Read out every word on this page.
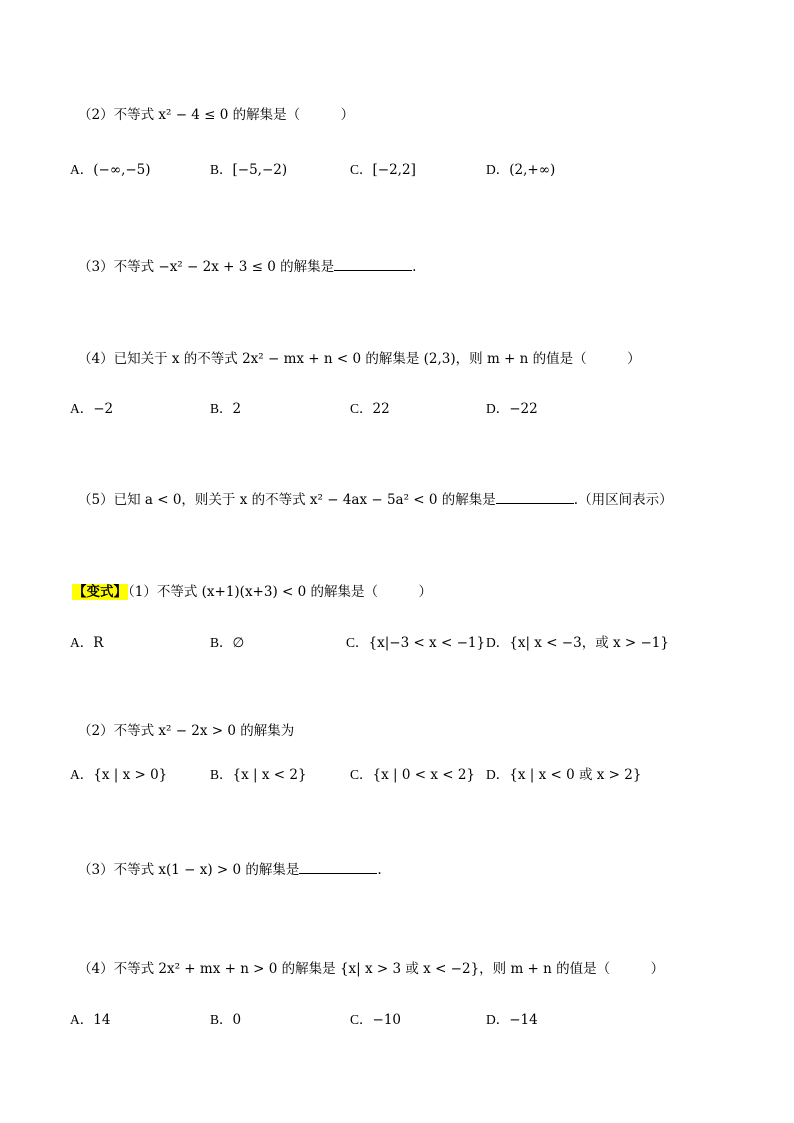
（2）不等式 x² − 4 ≤ 0 的解集是（　　　）
A．(−∞,−5)	B．[−5,−2)	C．[−2,2]	D．(2,+∞)
（3）不等式 −x² − 2x + 3 ≤ 0 的解集是	.
（4）已知关于 x 的不等式 2x² − mx + n < 0 的解集是 (2,3)，则 m + n 的值是（　　　）
A．−2	B．2	C．22	D．−22
（5）已知 a < 0，则关于 x 的不等式 x² − 4ax − 5a² < 0 的解集是	.（用区间表示）
【变式】（1）不等式 (x+1)(x+3) < 0 的解集是（　　　）
A．R	B．∅	C．{x|−3 < x < −1} D．{x| x < −3，或 x > −1}
（2）不等式 x² − 2x > 0 的解集为
A．{x | x > 0}	B．{x | x < 2}	C．{x | 0 < x < 2} D．{x | x < 0 或 x > 2}
（3）不等式 x(1 − x) > 0 的解集是	.
（4）不等式 2x² + mx + n > 0 的解集是 {x| x > 3 或 x < −2}，则 m + n 的值是（　　　）
A．14	B．0	C．−10	D．−14
